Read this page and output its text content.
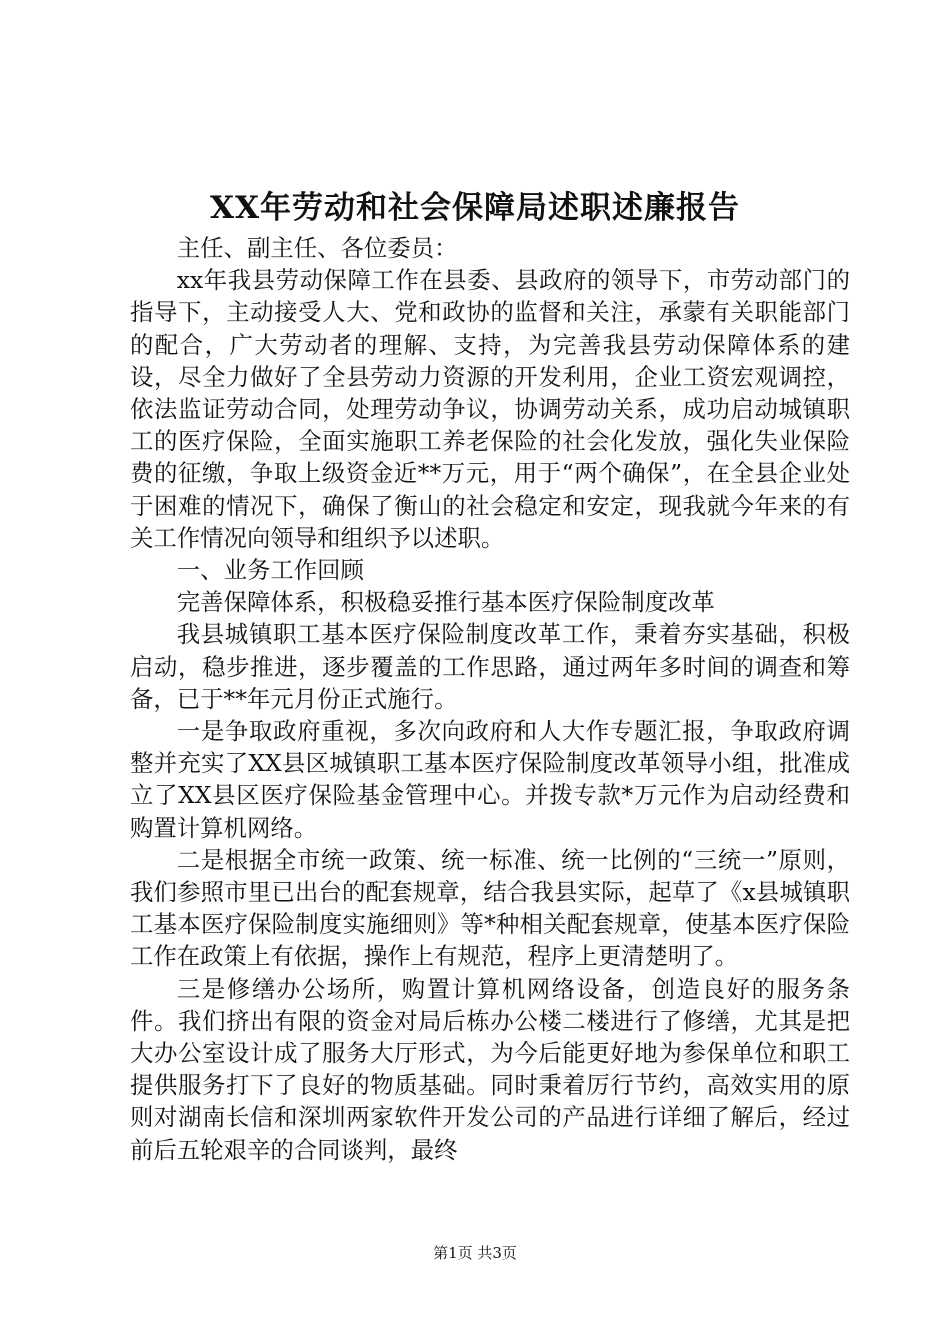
XX年劳动和社会保障局述职述廉报告

主任、副主任、各位委员：

xx年我县劳动保障工作在县委、县政府的领导下，市劳动部门的指导下，主动接受人大、党和政协的监督和关注，承蒙有关职能部门的配合，广大劳动者的理解、支持，为完善我县劳动保障体系的建设，尽全力做好了全县劳动力资源的开发利用，企业工资宏观调控，依法监证劳动合同，处理劳动争议，协调劳动关系，成功启动城镇职工的医疗保险，全面实施职工养老保险的社会化发放，强化失业保险费的征缴，争取上级资金近**万元，用于“两个确保”，在全县企业处于困难的情况下，确保了衡山的社会稳定和安定，现我就今年来的有关工作情况向领导和组织予以述职。

一、业务工作回顾

完善保障体系，积极稳妥推行基本医疗保险制度改革

我县城镇职工基本医疗保险制度改革工作，秉着夯实基础，积极启动，稳步推进，逐步覆盖的工作思路，通过两年多时间的调查和筹备，已于**年元月份正式施行。

一是争取政府重视，多次向政府和人大作专题汇报，争取政府调整并充实了XX县区城镇职工基本医疗保险制度改革领导小组，批准成立了XX县区医疗保险基金管理中心。并拨专款*万元作为启动经费和购置计算机网络。

二是根据全市统一政策、统一标准、统一比例的“三统一”原则，我们参照市里已出台的配套规章，结合我县实际，起草了《x县城镇职工基本医疗保险制度实施细则》等*种相关配套规章，使基本医疗保险工作在政策上有依据，操作上有规范，程序上更清楚明了。

三是修缮办公场所，购置计算机网络设备，创造良好的服务条件。我们挤出有限的资金对局后栋办公楼二楼进行了修缮，尤其是把大办公室设计成了服务大厅形式，为今后能更好地为参保单位和职工提供服务打下了良好的物质基础。同时秉着厉行节约，高效实用的原则对湖南长信和深圳两家软件开发公司的产品进行详细了解后，经过前后五轮艰辛的合同谈判，最终

第1页 共3页
